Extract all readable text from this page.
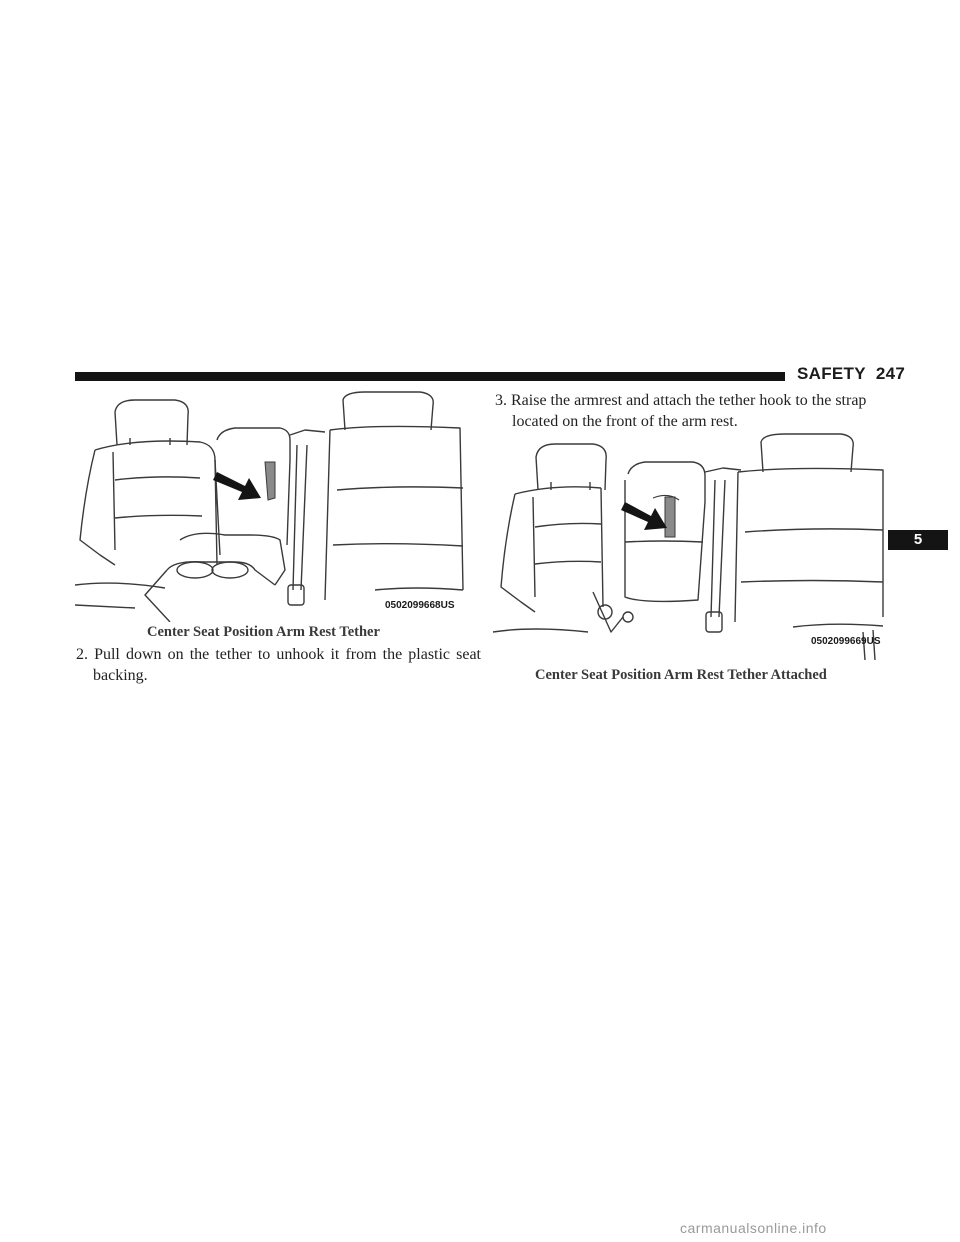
SAFETY 247
5
0502099668US
Center Seat Position Arm Rest Tether
2. Pull down on the tether to unhook it from the plastic seat backing.
3. Raise the armrest and attach the tether hook to the strap located on the front of the arm rest.
0502099669US
Center Seat Position Arm Rest Tether Attached
carmanualsonline.info
